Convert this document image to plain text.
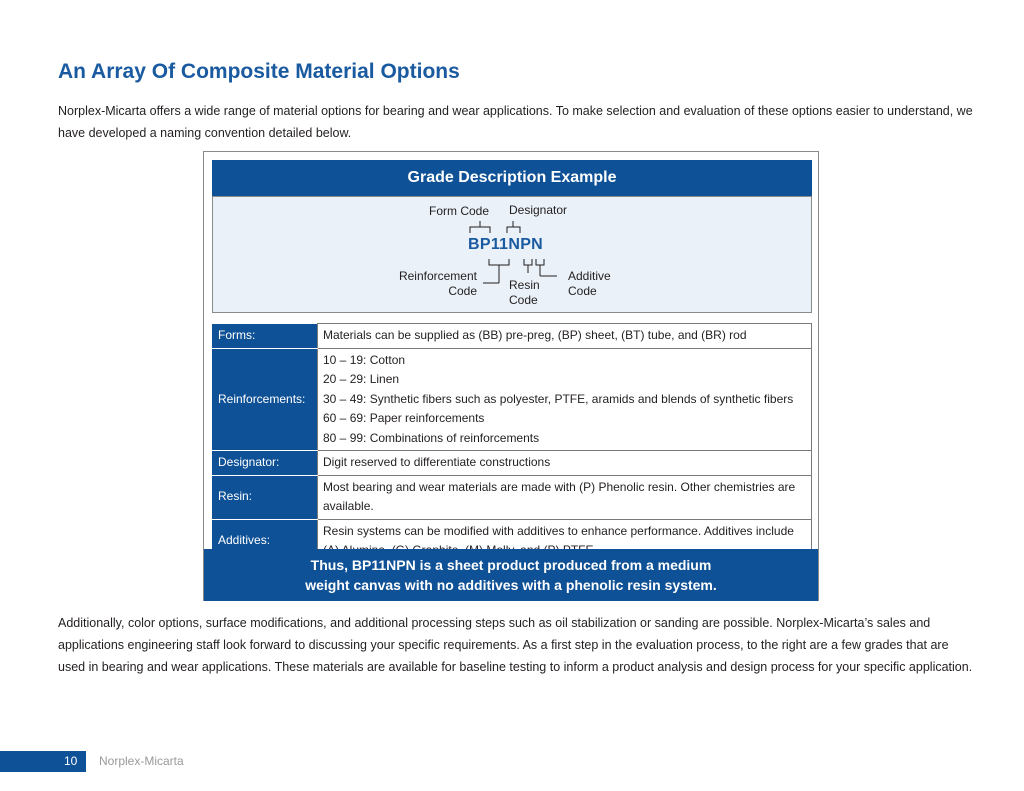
An Array Of Composite Material Options

Norplex-Micarta offers a wide range of material options for bearing and wear applications. To make selection and evaluation of these options easier to understand, we have developed a naming convention detailed below.

Grade Description Example
Form Code Designator
BP11NPN
Reinforcement
Code	Resin
Code
Additive
Code
Forms:	Materials can be supplied as (BB) pre-preg, (BP) sheet, (BT) tube, and (BR) rod
Reinforcements:	10 – 19: Cotton
20 – 29: Linen
30 – 49: Synthetic fibers such as polyester, PTFE, aramids and blends of synthetic fibers
60 – 69: Paper reinforcements
80 – 99: Combinations of reinforcements

Designator:	Digit reserved to differentiate constructions
Resin:	Most bearing and wear materials are made with (P) Phenolic resin. Other chemistries are available.
Additives:	Resin systems can be modified with additives to enhance performance. Additives include
Thus, BP11NPN is a sheet product produced from a medium
weight canvas with no additives with a phenolic resin system.

Additionally, color options, surface modifications, and additional processing steps such as oil stabilization or sanding are possible. Norplex-Micarta’s sales and applications engineering staff look forward to discussing your specific requirements. As a first step in the evaluation process, to the right are a few grades that are used in bearing and wear applications. These materials are available for baseline testing to inform a product analysis and design process for your specific application.

10 Norplex-Micarta
